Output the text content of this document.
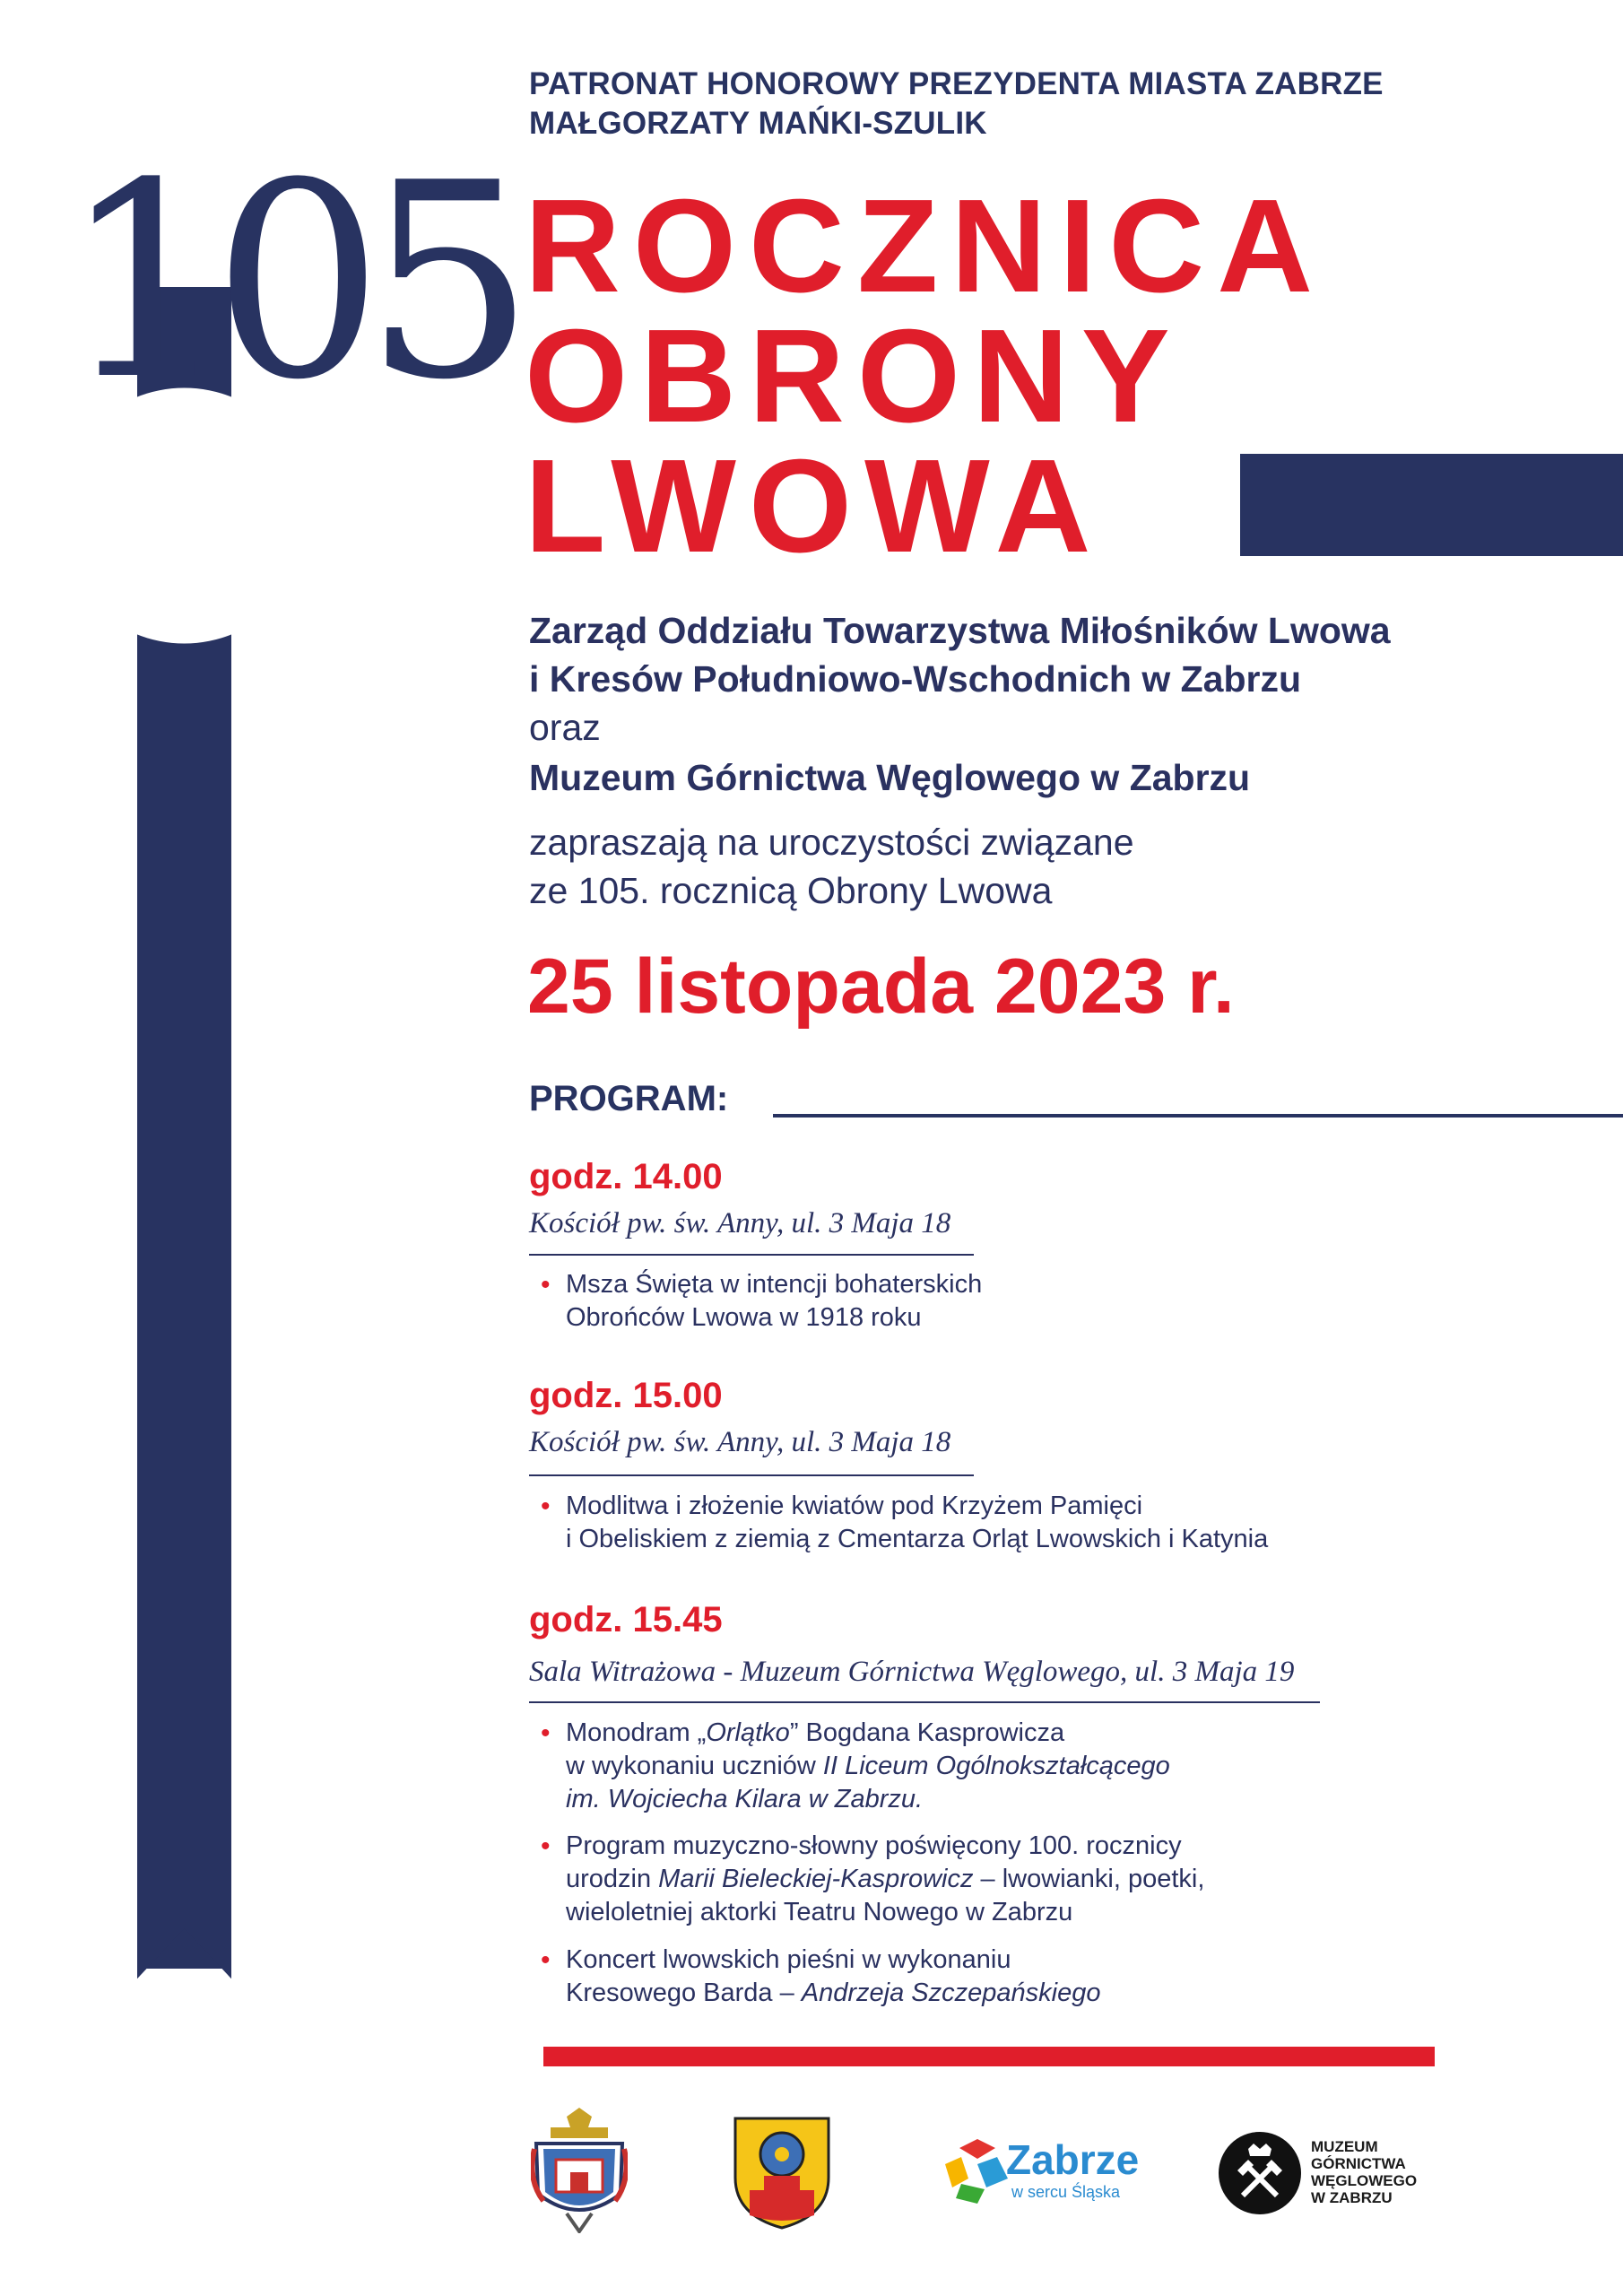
105
PATRONAT HONOROWY PREZYDENTA MIASTA ZABRZE
MAŁGORZATY MAŃKI-SZULIK
ROCZNICA
OBRONY
LWOWA
Zarząd Oddziału Towarzystwa Miłośników Lwowa
i Kresów Południowo-Wschodnich w Zabrzu
oraz
Muzeum Górnictwa Węglowego w Zabrzu
zapraszają na uroczystości związane
ze 105. rocznicą Obrony Lwowa
25 listopada 2023 r.
PROGRAM:
godz. 14.00
Kościół pw. św. Anny, ul. 3 Maja 18
• Msza Święta w intencji bohaterskich
Obrońców Lwowa w 1918 roku
godz. 15.00
Kościół pw. św. Anny, ul. 3 Maja 18
• Modlitwa i złożenie kwiatów pod Krzyżem Pamięci
i Obeliskiem z ziemią z Cmentarza Orląt Lwowskich i Katynia
godz. 15.45
Sala Witrażowa - Muzeum Górnictwa Węglowego, ul. 3 Maja 19
• Monodram „Orlątko” Bogdana Kasprowicza
w wykonaniu uczniów II Liceum Ogólnokształcącego
im. Wojciecha Kilara w Zabrzu.
• Program muzyczno-słowny poświęcony 100. rocznicy
urodzin Marii Bieleckiej-Kasprowicz – lwowianki, poetki,
wieloletniej aktorki Teatru Nowego w Zabrzu
• Koncert lwowskich pieśni w wykonaniu
Kresowego Barda – Andrzeja Szczepańskiego
Zabrze
w sercu Śląska
MUZEUM
GÓRNICTWA
WĘGLOWEGO
W ZABRZU
